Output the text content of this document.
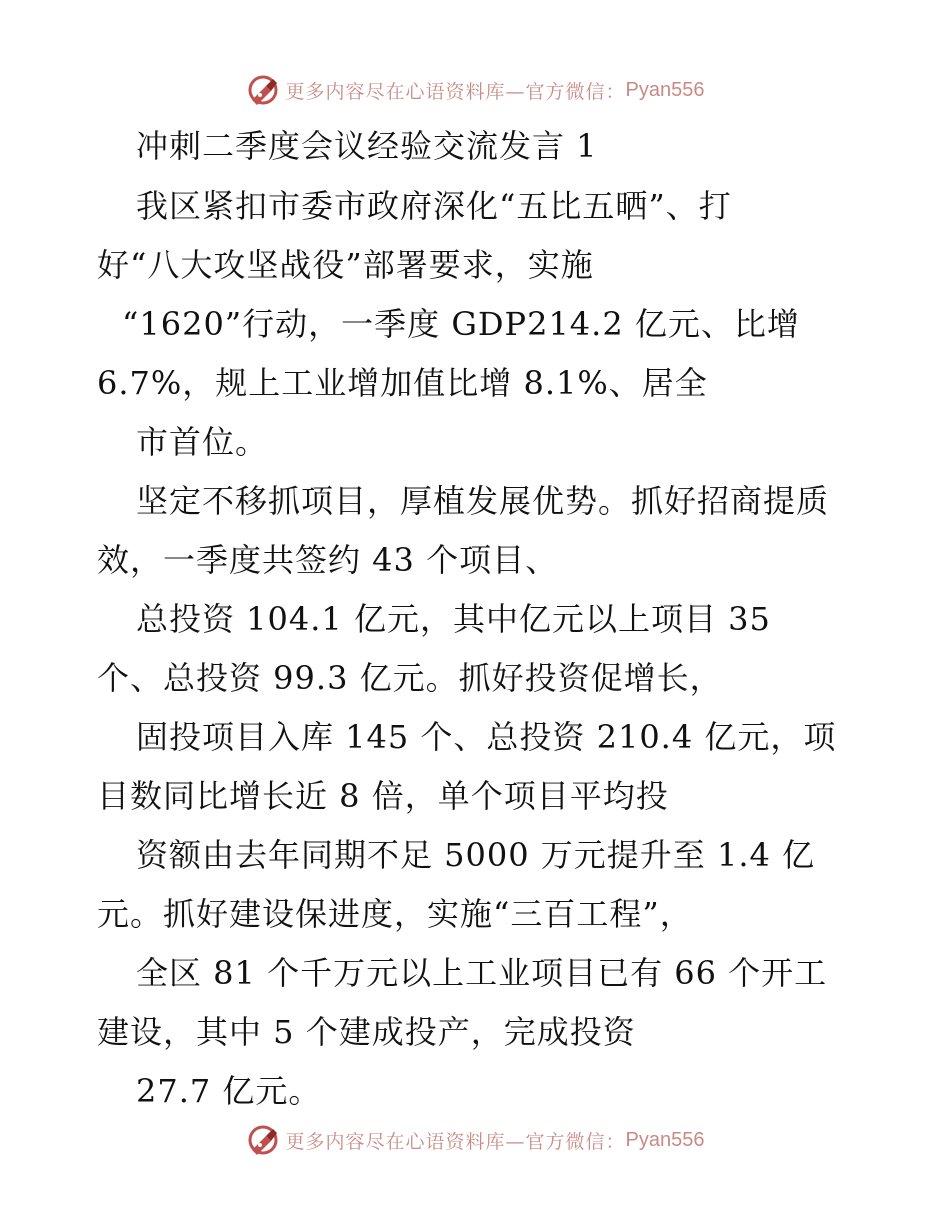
更多内容尽在心语资料库—官方微信： Pyan556
冲刺二季度会议经验交流发言 1
我区紧扣市委市政府深化“五比五晒”、打
好“八大攻坚战役”部署要求，实施
“1620”行动，一季度 GDP214.2 亿元、比增
6.7%，规上工业增加值比增 8.1%、居全
市首位。
坚定不移抓项目，厚植发展优势。抓好招商提质
效，一季度共签约 43 个项目、
总投资 104.1 亿元，其中亿元以上项目 35
个、总投资 99.3 亿元。抓好投资促增长，
固投项目入库 145 个、总投资 210.4 亿元，项
目数同比增长近 8 倍，单个项目平均投
资额由去年同期不足 5000 万元提升至 1.4 亿
元。抓好建设保进度，实施“三百工程”，
全区 81 个千万元以上工业项目已有 66 个开工
建设，其中 5 个建成投产，完成投资
27.7 亿元。
更多内容尽在心语资料库—官方微信： Pyan556
